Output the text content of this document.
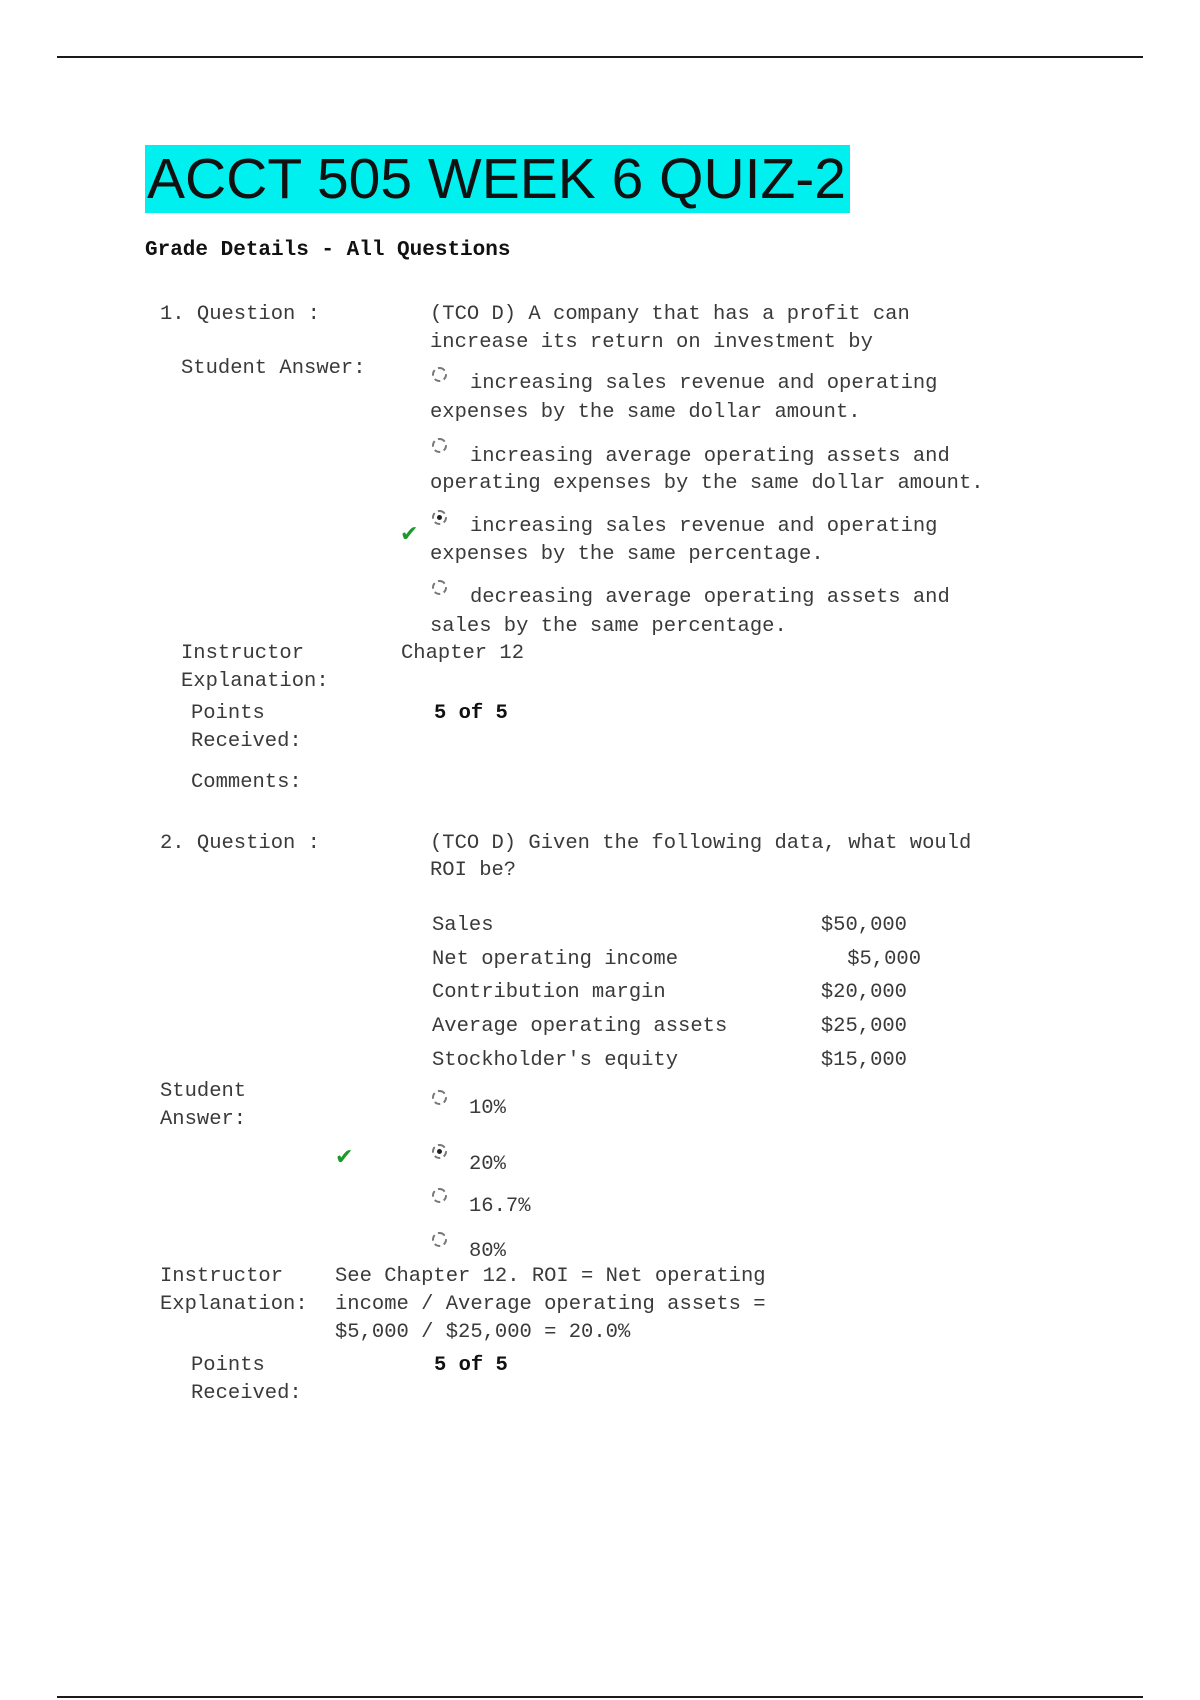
ACCT 505 WEEK 6 QUIZ-2
Grade Details - All Questions
1. Question :	(TCO D) A company that has a profit can
increase its return on investment by
Student Answer:
increasing sales revenue and operating
expenses by the same dollar amount.
increasing average operating assets and
operating expenses by the same dollar amount.
✔	increasing sales revenue and operating
expenses by the same percentage.
decreasing average operating assets and
sales by the same percentage.
Instructor
Explanation:
Chapter 12
Points
Received:
5 of 5
Comments:
2. Question :	(TCO D) Given the following data, what would
ROI be?
Sales	$50,000
Net operating income	$5,000
Contribution margin	$20,000
Average operating assets	$25,000
Stockholder's equity	$15,000
Student
Answer:	10%
✔	20%
16.7%
80%
Instructor
Explanation:
See Chapter 12. ROI = Net operating
income / Average operating assets =
$5,000 / $25,000 = 20.0%
Points
Received:
5 of 5
